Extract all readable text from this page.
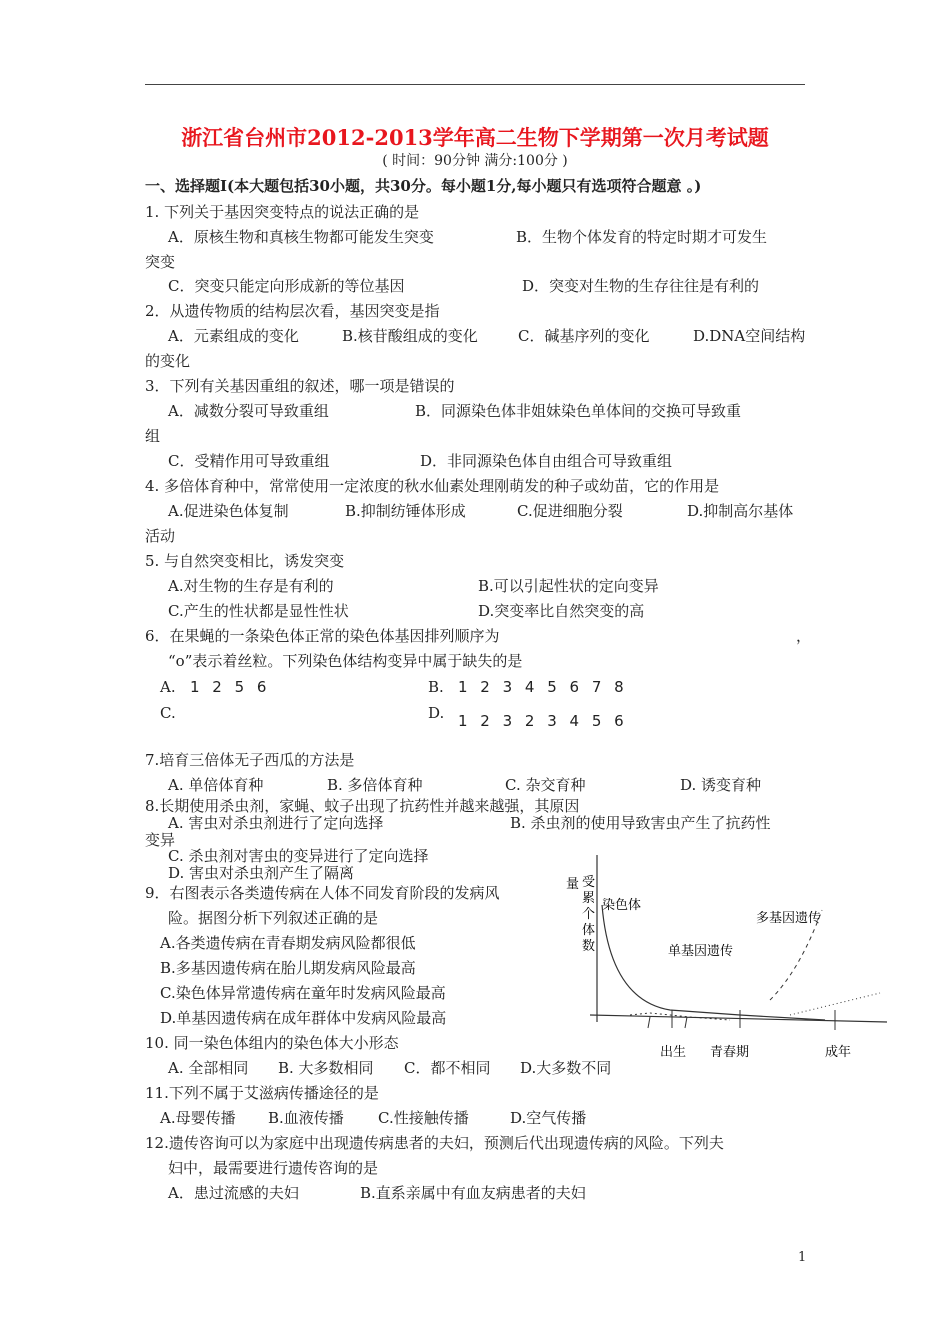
浙江省台州市2012-2013学年高二生物下学期第一次月考试题
( 时间：90分钟 满分:100分 )
一、选择题Ⅰ(本大题包括30小题，共30分。每小题1分,每小题只有选项符合题意 。)
1. 下列关于基因突变特点的说法正确的是
A．原核生物和真核生物都可能发生突变	B．生物个体发育的特定时期才可发生
突变
C．突变只能定向形成新的等位基因	D．突变对生物的生存往往是有利的
2．从遗传物质的结构层次看，基因突变是指
A．元素组成的变化	B.核苷酸组成的变化	C．碱基序列的变化	D.DNA空间结构
的变化
3．下列有关基因重组的叙述，哪一项是错误的
A．减数分裂可导致重组	B．同源染色体非姐妹染色单体间的交换可导致重
组
C．受精作用可导致重组	D．非同源染色体自由组合可导致重组
4. 多倍体育种中，常常使用一定浓度的秋水仙素处理刚萌发的种子或幼苗，它的作用是
A.促进染色体复制	B.抑制纺锤体形成	C.促进细胞分裂	D.抑制高尔基体
活动
5. 与自然突变相比，诱发突变
A.对生物的生存是有利的	B.可以引起性状的定向变异
C.产生的性状都是显性性状	D.突变率比自然突变的高
6．在果蝇的一条染色体正常的染色体基因排列顺序为	，
“o”表示着丝粒。下列染色体结构变异中属于缺失的是
A. 1 2 5 6	B. 1 2 3 4 5 6 7 8
C.	D. 1 2 3 2 3 4 5 6
7.培育三倍体无子西瓜的方法是
A. 单倍体育种	B. 多倍体育种	C. 杂交育种	D. 诱变育种
8.长期使用杀虫剂，家蝇、蚊子出现了抗药性并越来越强，其原因
A. 害虫对杀虫剂进行了定向选择	B. 杀虫剂的使用导致害虫产生了抗药性
变异
C. 杀虫剂对害虫的变异进行了定向选择
D. 害虫对杀虫剂产生了隔离
9．右图表示各类遗传病在人体不同发育阶段的发病风
险。据图分析下列叙述正确的是
A.各类遗传病在青春期发病风险都很低
B.多基因遗传病在胎儿期发病风险最高
C.染色体异常遗传病在童年时发病风险最高
D.单基因遗传病在成年群体中发病风险最高
10. 同一染色体组内的染色体大小形态
A. 全部相同 B. 大多数相同 C．都不相同 D.大多数不同
11.下列不属于艾滋病传播途径的是
A.母婴传播 B.血液传播 C.性接触传播	D.空气传播
12.遗传咨询可以为家庭中出现遗传病患者的夫妇，预测后代出现遗传病的风险。下列夫
妇中，最需要进行遗传咨询的是
A．患过流感的夫妇	B.直系亲属中有血友病患者的夫妇
量 受
累
个
体
数
染色体
多基因遗传
单基因遗传
出生 青春期	成年
1
